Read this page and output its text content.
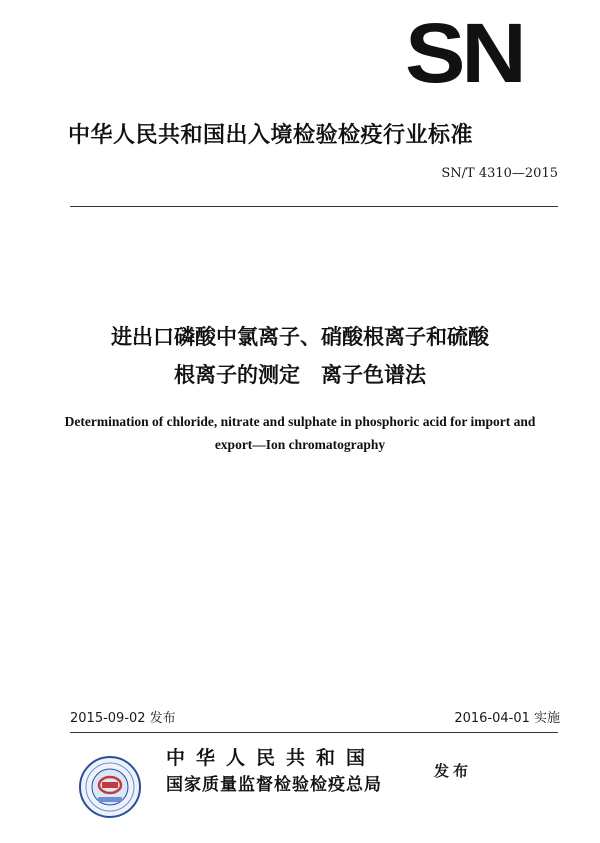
SN
中华人民共和国出入境检验检疫行业标准
SN/T 4310—2015
进出口磷酸中氯离子、硝酸根离子和硫酸
根离子的测定　离子色谱法
Determination of chloride, nitrate and sulphate in phosphoric acid for import and
export—Ion chromatography
2015-09-02 发布	2016-04-01 实施
中华人民共和国
国家质量监督检验检疫总局
发布
